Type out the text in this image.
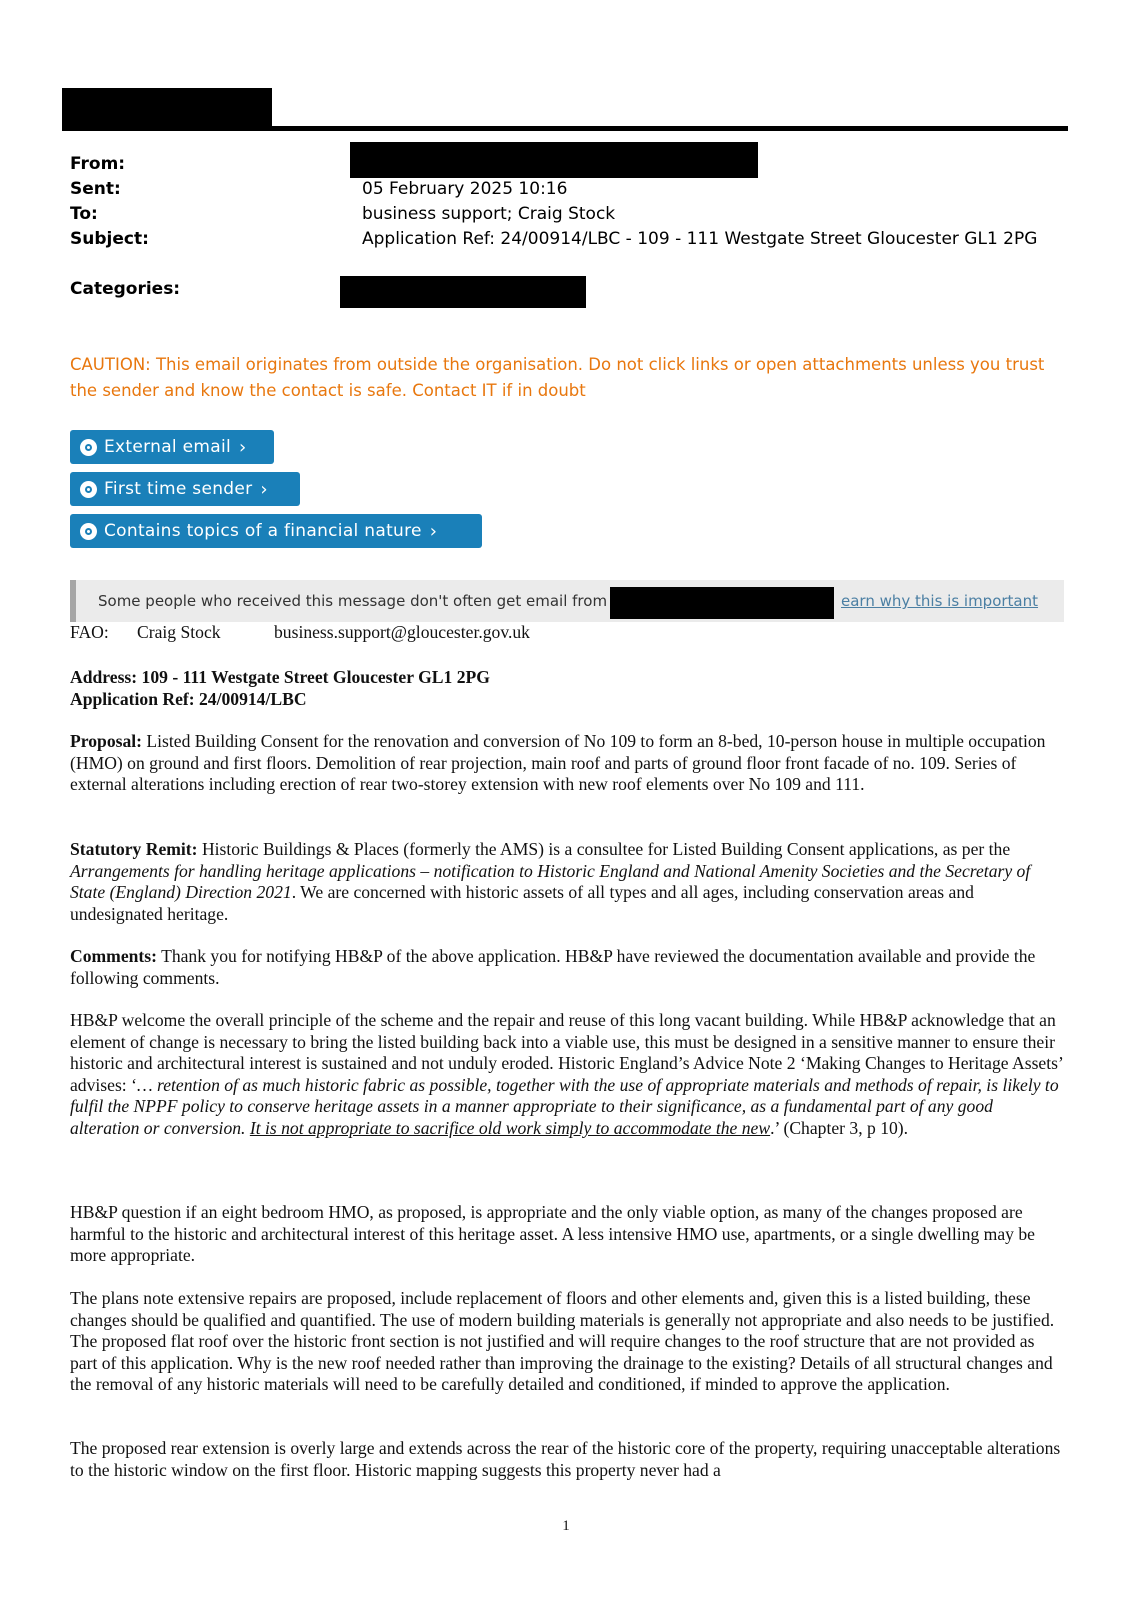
From:
Sent:	05 February 2025 10:16
To:	business support; Craig Stock
Subject:	Application Ref: 24/00914/LBC - 109 - 111 Westgate Street Gloucester GL1 2PG
Categories:
CAUTION: This email originates from outside the organisation. Do not click links or open attachments unless you trust the sender and know the contact is safe. Contact IT if in doubt
External email ›
First time sender ›
Contains topics of a financial nature ›
Some people who received this message don't often get email from	earn why this is important
FAO: Craig Stock	business.support@gloucester.gov.uk
Address: 109 - 111 Westgate Street Gloucester GL1 2PG
Application Ref: 24/00914/LBC
Proposal: Listed Building Consent for the renovation and conversion of No 109 to form an 8-bed, 10-person house in multiple occupation (HMO) on ground and first floors. Demolition of rear projection, main roof and parts of ground floor front facade of no. 109. Series of external alterations including erection of rear two-storey extension with new roof elements over No 109 and 111.
Statutory Remit: Historic Buildings & Places (formerly the AMS) is a consultee for Listed Building Consent applications, as per the Arrangements for handling heritage applications – notification to Historic England and National Amenity Societies and the Secretary of State (England) Direction 2021. We are concerned with historic assets of all types and all ages, including conservation areas and undesignated heritage.
Comments: Thank you for notifying HB&P of the above application. HB&P have reviewed the documentation available and provide the following comments.
HB&P welcome the overall principle of the scheme and the repair and reuse of this long vacant building. While HB&P acknowledge that an element of change is necessary to bring the listed building back into a viable use, this must be designed in a sensitive manner to ensure their historic and architectural interest is sustained and not unduly eroded. Historic England’s Advice Note 2 ‘Making Changes to Heritage Assets’ advises: ‘… retention of as much historic fabric as possible, together with the use of appropriate materials and methods of repair, is likely to fulfil the NPPF policy to conserve heritage assets in a manner appropriate to their significance, as a fundamental part of any good alteration or conversion. It is not appropriate to sacrifice old work simply to accommodate the new.’ (Chapter 3, p 10).
HB&P question if an eight bedroom HMO, as proposed, is appropriate and the only viable option, as many of the changes proposed are harmful to the historic and architectural interest of this heritage asset. A less intensive HMO use, apartments, or a single dwelling may be more appropriate.
The plans note extensive repairs are proposed, include replacement of floors and other elements and, given this is a listed building, these changes should be qualified and quantified. The use of modern building materials is generally not appropriate and also needs to be justified. The proposed flat roof over the historic front section is not justified and will require changes to the roof structure that are not provided as part of this application. Why is the new roof needed rather than improving the drainage to the existing? Details of all structural changes and the removal of any historic materials will need to be carefully detailed and conditioned, if minded to approve the application.
The proposed rear extension is overly large and extends across the rear of the historic core of the property, requiring unacceptable alterations to the historic window on the first floor. Historic mapping suggests this property never had a
1
